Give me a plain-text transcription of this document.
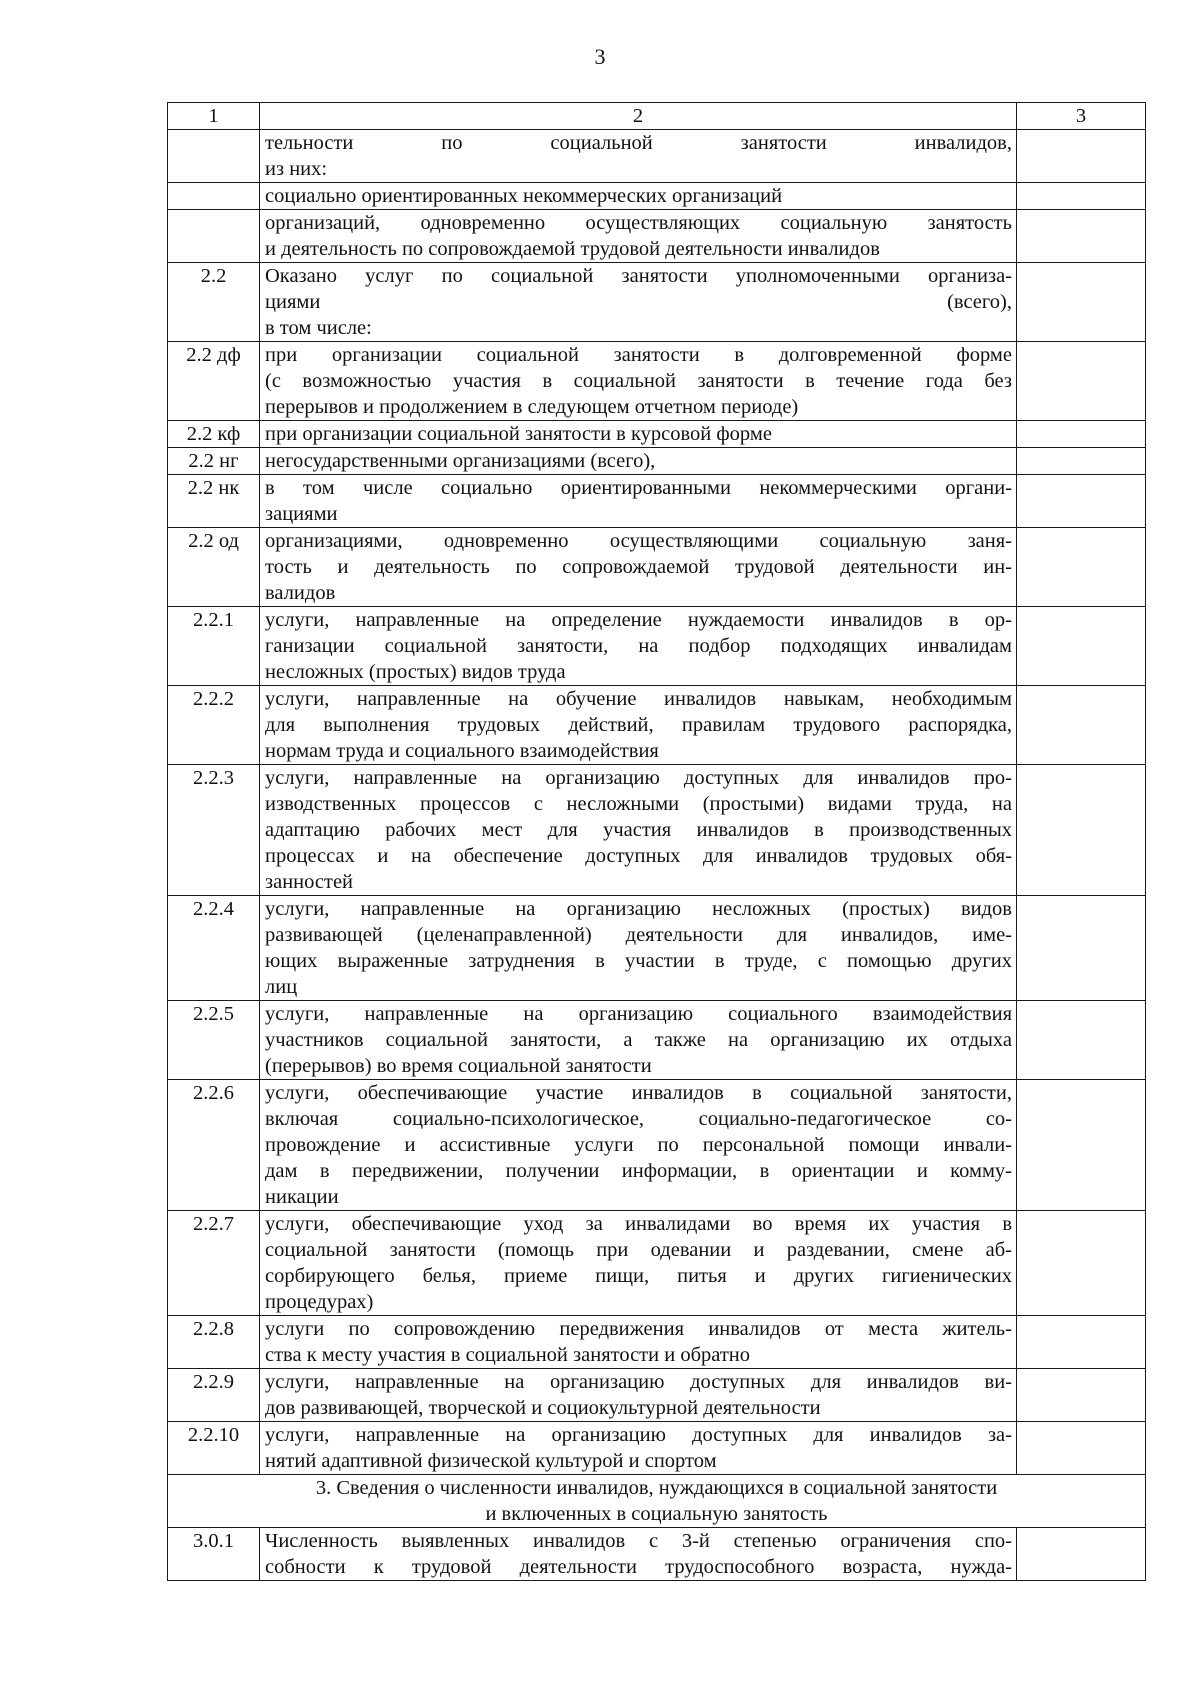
3
1	2	3

	тельности по социальной занятости инвалидов,
из них:	

	социально ориентированных некоммерческих организаций	

	организаций, одновременно осуществляющих социальную занятость
и деятельность по сопровождаемой трудовой деятельности инвалидов	

2.2	Оказано услуг по социальной занятости уполномоченными организа-
циями (всего),
в том числе:	

2.2 дф	при организации социальной занятости в долговременной форме
(с возможностью участия в социальной занятости в течение года без
перерывов и продолжением в следующем отчетном периоде)	

2.2 кф	при организации социальной занятости в курсовой форме	

2.2 нг	негосударственными организациями (всего),	

2.2 нк	в том числе социально ориентированными некоммерческими органи-
зациями	

2.2 од	организациями, одновременно осуществляющими социальную заня-
тость и деятельность по сопровождаемой трудовой деятельности ин-
валидов	

2.2.1	услуги, направленные на определение нуждаемости инвалидов в ор-
ганизации социальной занятости, на подбор подходящих инвалидам
несложных (простых) видов труда	

2.2.2	услуги, направленные на обучение инвалидов навыкам, необходимым
для выполнения трудовых действий, правилам трудового распорядка,
нормам труда и социального взаимодействия	

2.2.3	услуги, направленные на организацию доступных для инвалидов про-
изводственных процессов с несложными (простыми) видами труда, на
адаптацию рабочих мест для участия инвалидов в производственных
процессах и на обеспечение доступных для инвалидов трудовых обя-
занностей	

2.2.4	услуги, направленные на организацию несложных (простых) видов
развивающей (целенаправленной) деятельности для инвалидов, име-
ющих выраженные затруднения в участии в труде, с помощью других
лиц	

2.2.5	услуги, направленные на организацию социального взаимодействия
участников социальной занятости, а также на организацию их отдыха
(перерывов) во время социальной занятости	

2.2.6	услуги, обеспечивающие участие инвалидов в социальной занятости,
включая социально-психологическое, социально-педагогическое со-
провождение и ассистивные услуги по персональной помощи инвали-
дам в передвижении, получении информации, в ориентации и комму-
никации	

2.2.7	услуги, обеспечивающие уход за инвалидами во время их участия в
социальной занятости (помощь при одевании и раздевании, смене аб-
сорбирующего белья, приеме пищи, питья и других гигиенических
процедурах)	

2.2.8	услуги по сопровождению передвижения инвалидов от места житель-
ства к месту участия в социальной занятости и обратно	

2.2.9	услуги, направленные на организацию доступных для инвалидов ви-
дов развивающей, творческой и социокультурной деятельности	

2.2.10	услуги, направленные на организацию доступных для инвалидов за-
нятий адаптивной физической культурой и спортом	

3. Сведения о численности инвалидов, нуждающихся в социальной занятости
и включенных в социальную занятость		

3.0.1	Численность выявленных инвалидов с 3-й степенью ограничения спо-
собности к трудовой деятельности трудоспособного возраста, нужда-	
